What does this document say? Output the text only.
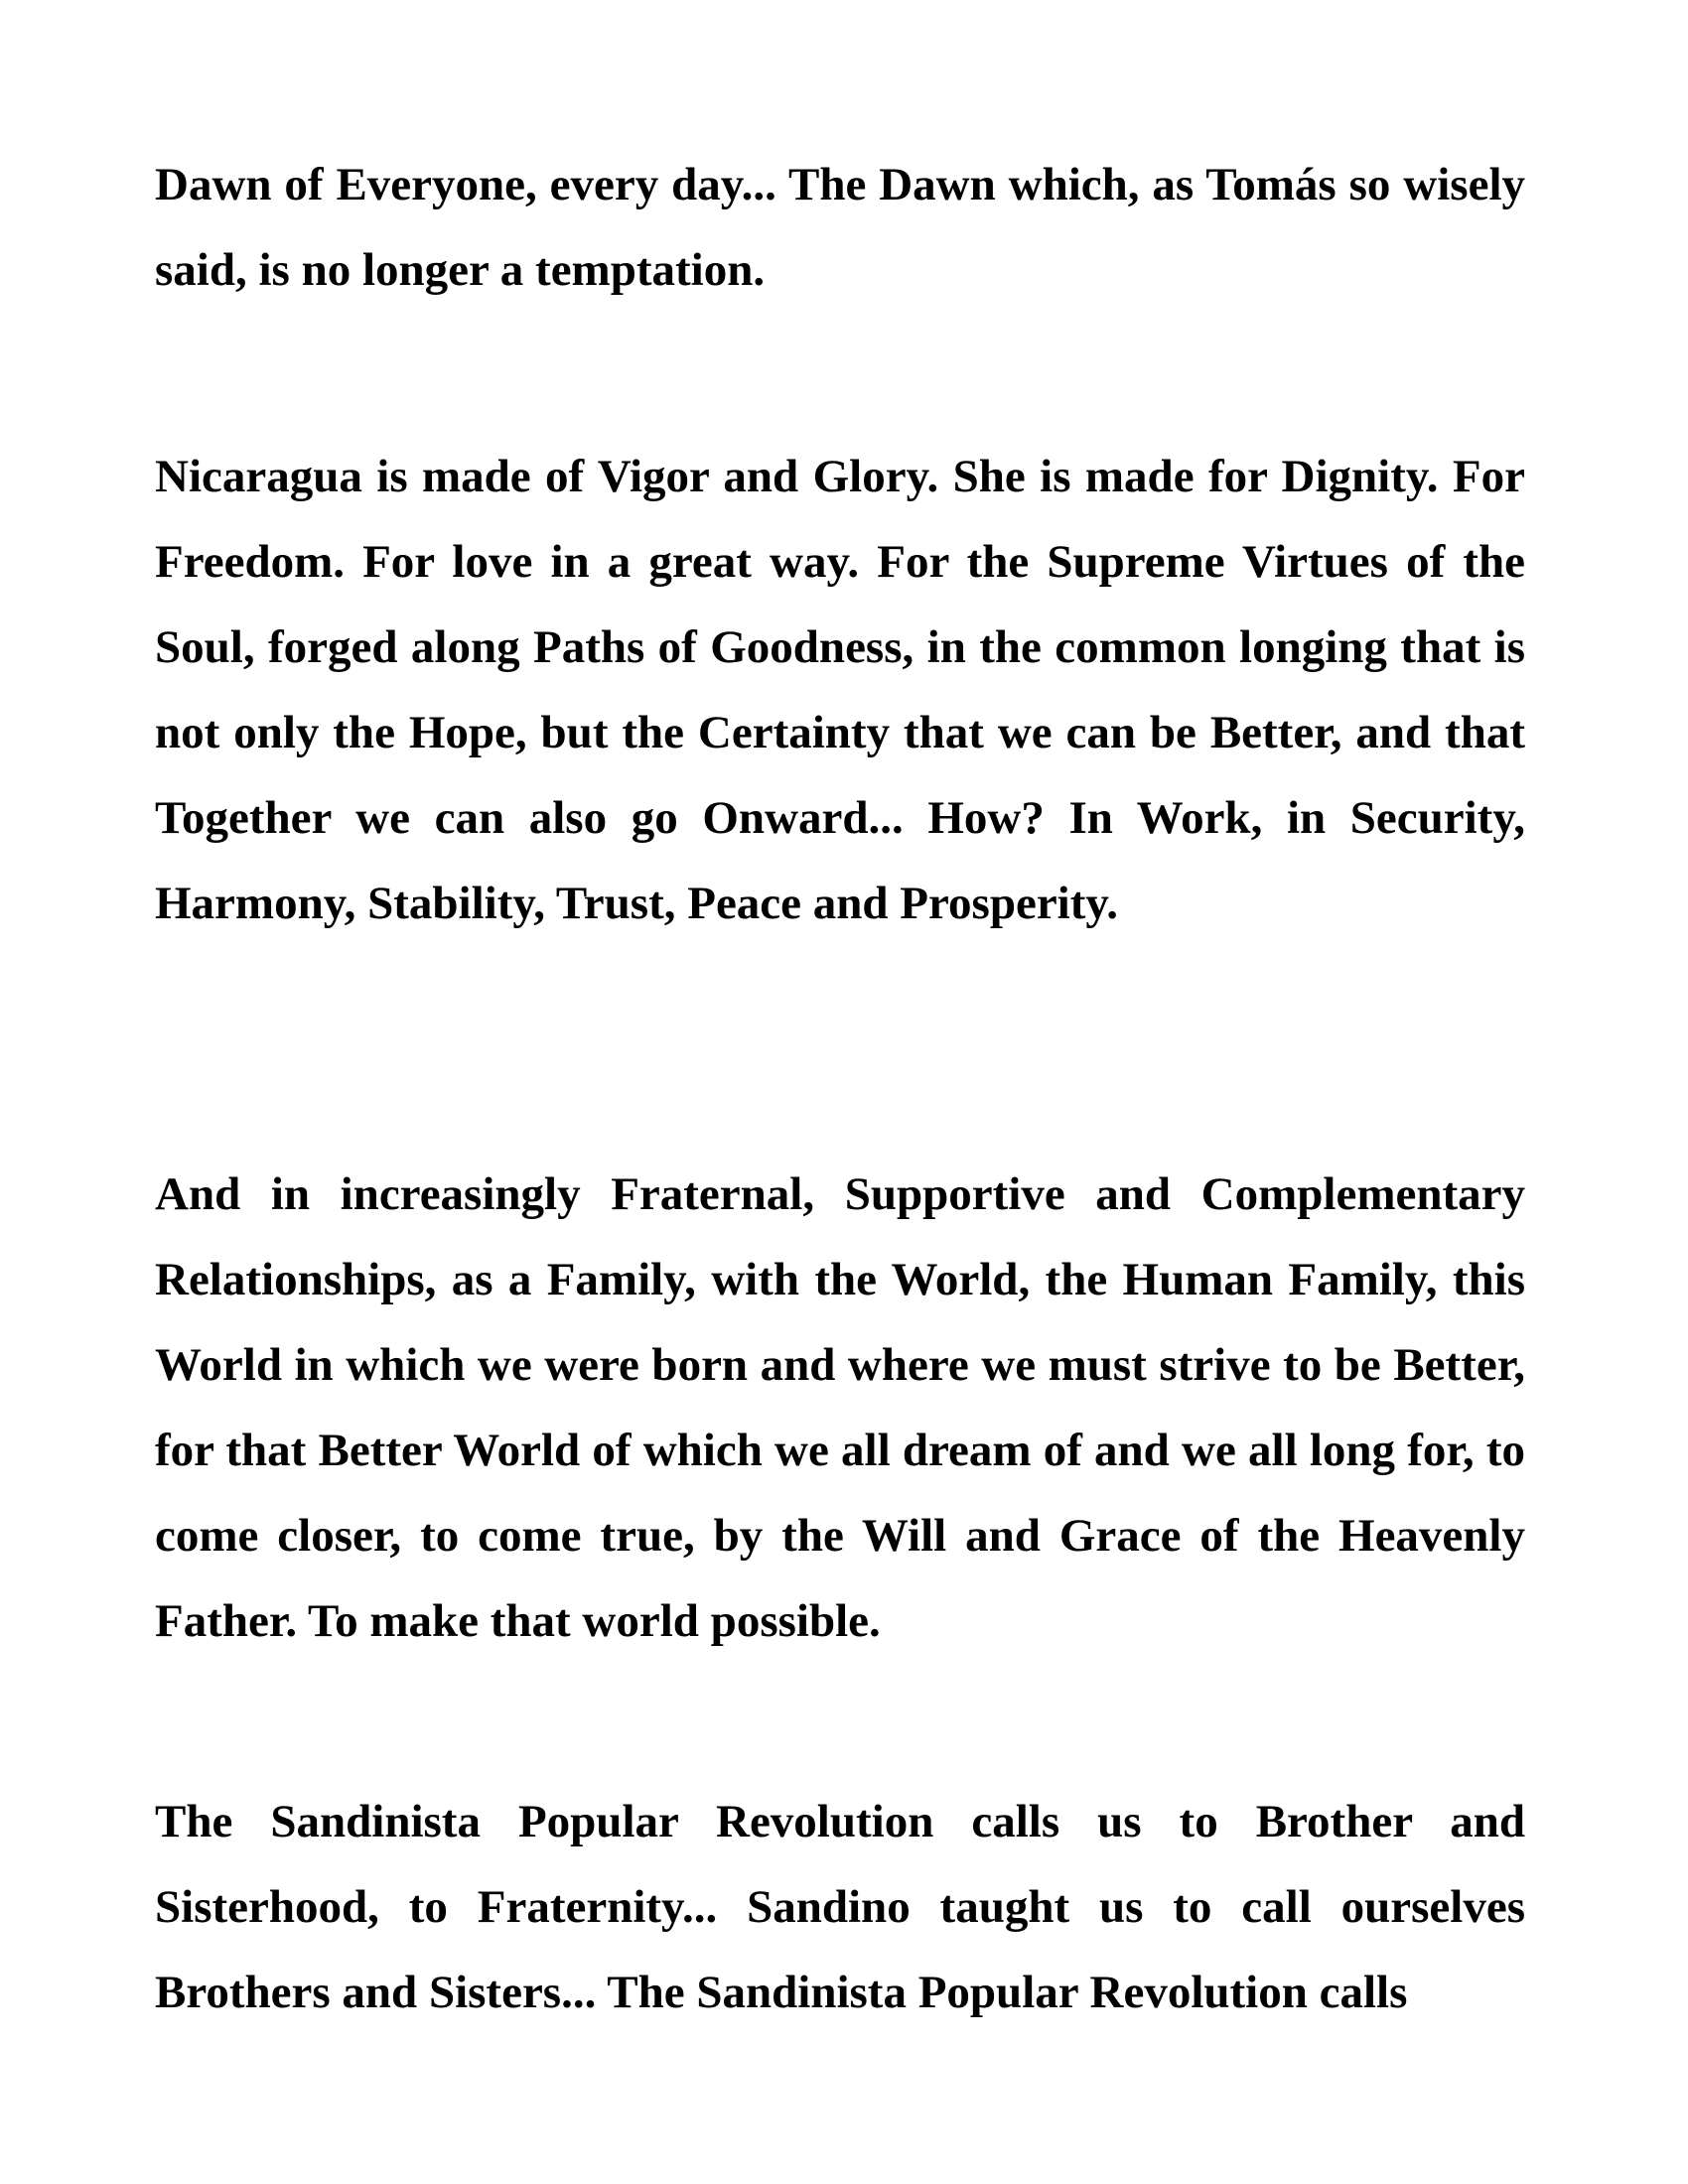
Dawn of Everyone, every day... The Dawn which, as Tomás so wisely said, is no longer a temptation.

Nicaragua is made of Vigor and Glory. She is made for Dignity. For Freedom. For love in a great way. For the Supreme Virtues of the Soul, forged along Paths of Goodness, in the common longing that is not only the Hope, but the Certainty that we can be Better, and that Together we can also go Onward... How? In Work, in Security, Harmony, Stability, Trust, Peace and Prosperity.

And in increasingly Fraternal, Supportive and Complementary Relationships, as a Family, with the World, the Human Family, this World in which we were born and where we must strive to be Better, for that Better World of which we all dream of and we all long for, to come closer, to come true, by the Will and Grace of the Heavenly Father. To make that world possible.

The Sandinista Popular Revolution calls us to Brother and Sisterhood, to Fraternity... Sandino taught us to call ourselves Brothers and Sisters... The Sandinista Popular Revolution calls
